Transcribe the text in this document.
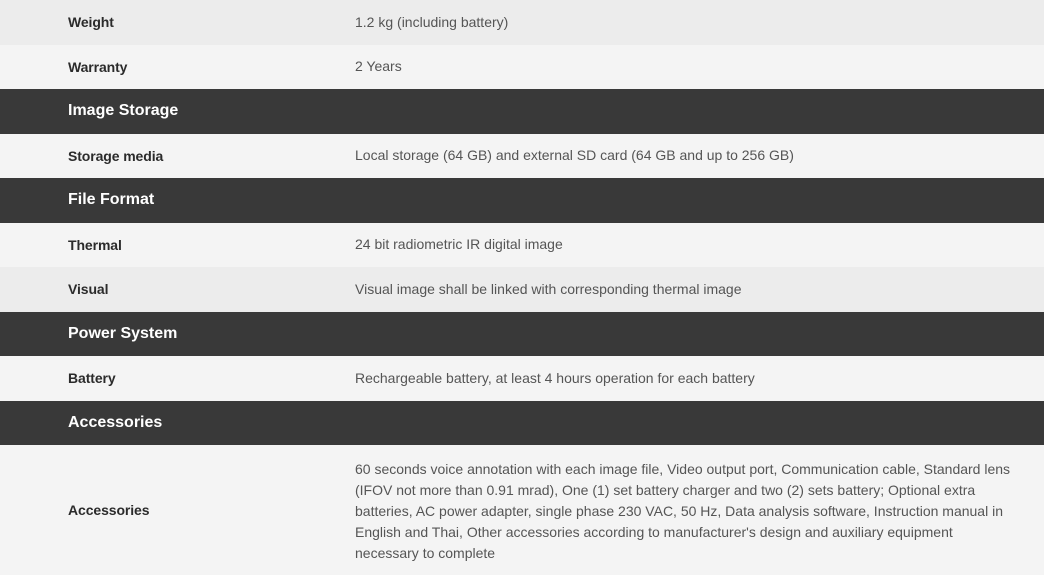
Weight	1.2 kg (including battery)
Warranty	2 Years
Image Storage	
Storage media	Local storage (64 GB) and external SD card (64 GB and up to 256 GB)
File Format	
Thermal	24 bit radiometric IR digital image
Visual	Visual image shall be linked with corresponding thermal image
Power System	
Battery	Rechargeable battery, at least 4 hours operation for each battery
Accessories	
Accessories	60 seconds voice annotation with each image file, Video output port, Communication cable, Standard lens (IFOV not more than 0.91 mrad), One (1) set battery charger and two (2) sets battery; Optional extra batteries, AC power adapter, single phase 230 VAC, 50 Hz, Data analysis software, Instruction manual in English and Thai, Other accessories according to manufacturer's design and auxiliary equipment necessary to complete
